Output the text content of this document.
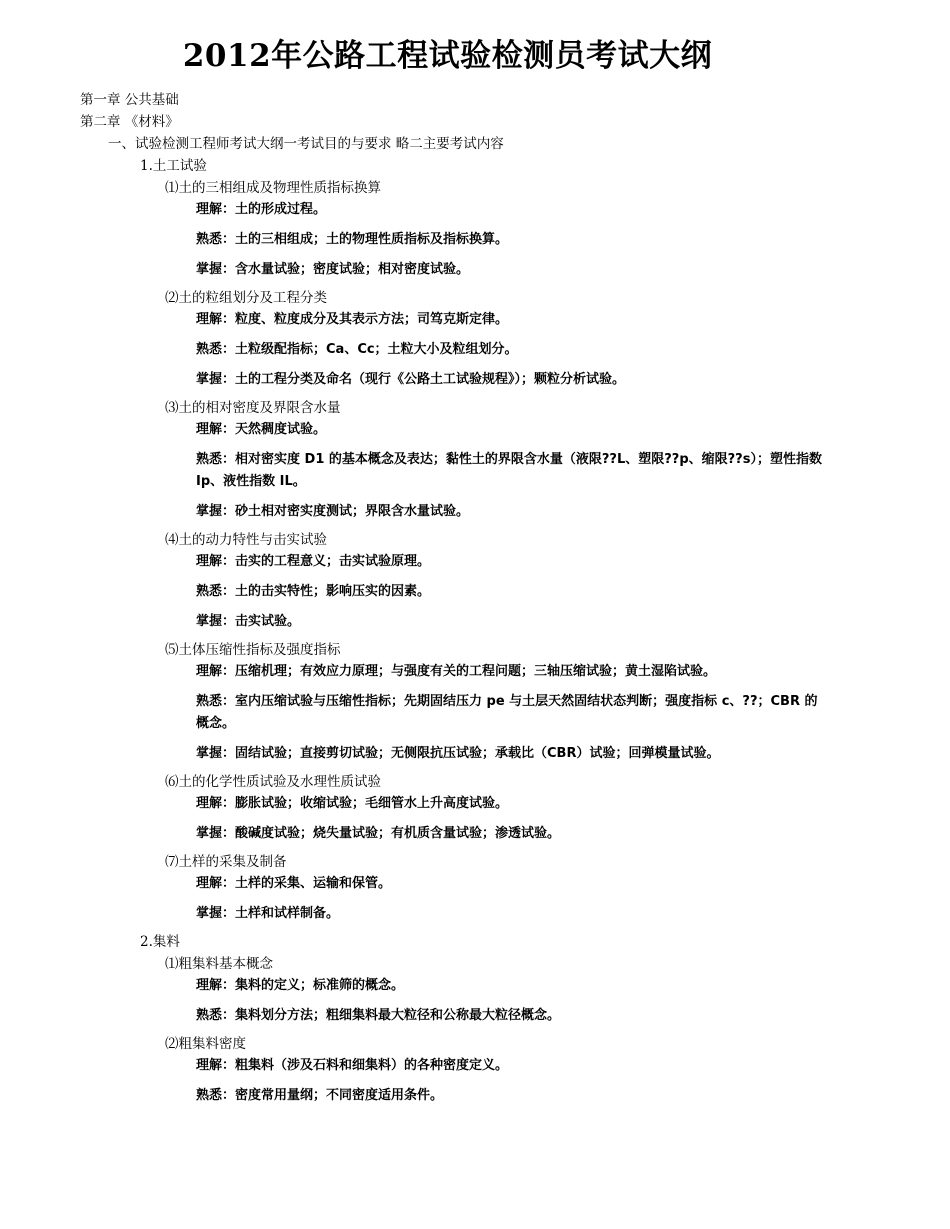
2012年公路工程试验检测员考试大纲
第一章 公共基础
第二章 《材料》
一、试验检测工程师考试大纲一考试目的与要求 略二主要考试内容
1.土工试验
⑴土的三相组成及物理性质指标换算
理解：土的形成过程。
熟悉：土的三相组成；土的物理性质指标及指标换算。
掌握：含水量试验；密度试验；相对密度试验。
⑵土的粒组划分及工程分类
理解：粒度、粒度成分及其表示方法；司笃克斯定律。
熟悉：土粒级配指标；Ca、Cc；土粒大小及粒组划分。
掌握：土的工程分类及命名（现行《公路土工试验规程》）；颗粒分析试验。
⑶土的相对密度及界限含水量
理解：天然稠度试验。
熟悉：相对密实度 D1 的基本概念及表达；黏性土的界限含水量（液限??L、塑限??p、缩限??s）；塑性指数 Ip、液性指数 IL。
掌握：砂土相对密实度测试；界限含水量试验。
⑷土的动力特性与击实试验
理解：击实的工程意义；击实试验原理。
熟悉：土的击实特性；影响压实的因素。
掌握：击实试验。
⑸土体压缩性指标及强度指标
理解：压缩机理；有效应力原理；与强度有关的工程问题；三轴压缩试验；黄土湿陷试验。
熟悉：室内压缩试验与压缩性指标；先期固结压力 pe 与土层天然固结状态判断；强度指标 c、??；CBR 的概念。
掌握：固结试验；直接剪切试验；无侧限抗压试验；承载比（CBR）试验；回弹模量试验。
⑹土的化学性质试验及水理性质试验
理解：膨胀试验；收缩试验；毛细管水上升高度试验。
掌握：酸碱度试验；烧失量试验；有机质含量试验；渗透试验。
⑺土样的采集及制备
理解：土样的采集、运输和保管。
掌握：土样和试样制备。
2.集料
⑴粗集料基本概念
理解：集料的定义；标准筛的概念。
熟悉：集料划分方法；粗细集料最大粒径和公称最大粒径概念。
⑵粗集料密度
理解：粗集料（涉及石料和细集料）的各种密度定义。
熟悉：密度常用量纲；不同密度适用条件。
